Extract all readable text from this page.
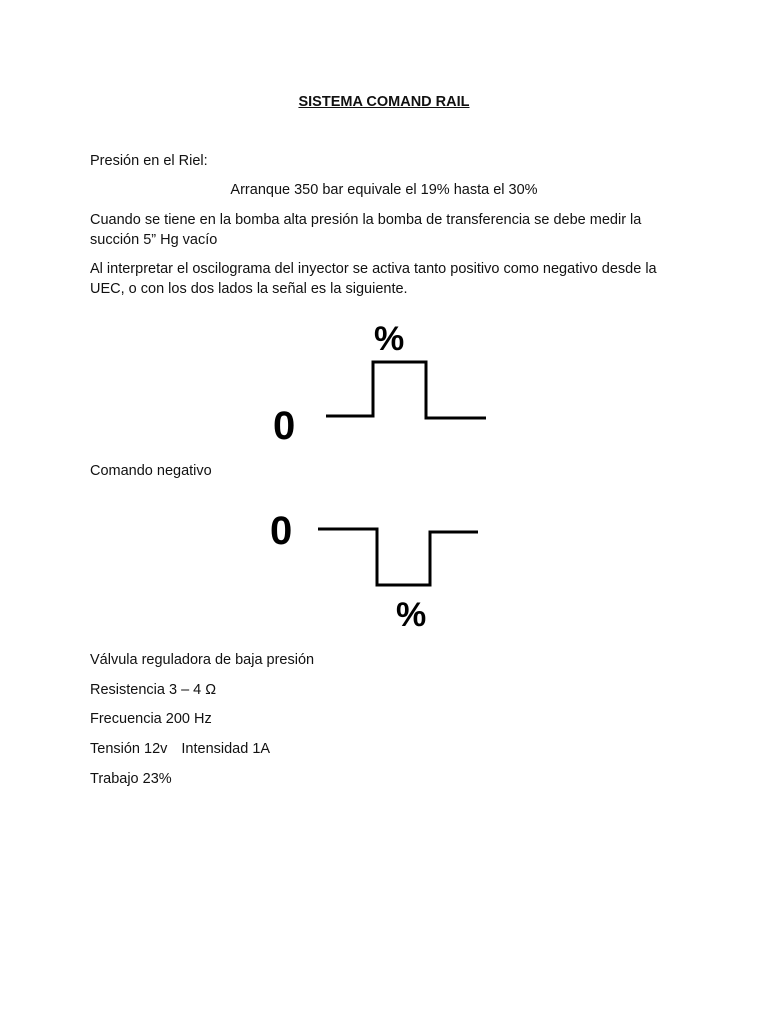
SISTEMA COMAND RAIL
Presión en el Riel:
Arranque 350 bar equivale el 19% hasta el 30%
Cuando se tiene en la bomba alta presión la bomba de transferencia se debe medir la succión 5” Hg vacío
Al interpretar el oscilograma del inyector se activa tanto positivo como negativo desde la UEC, o con los dos lados la señal es la siguiente.
%
0
Comando negativo
0
%
Válvula reguladora de baja presión
Resistencia 3 – 4 Ω
Frecuencia 200 Hz
Tensión 12v Intensidad 1A
Trabajo 23%
